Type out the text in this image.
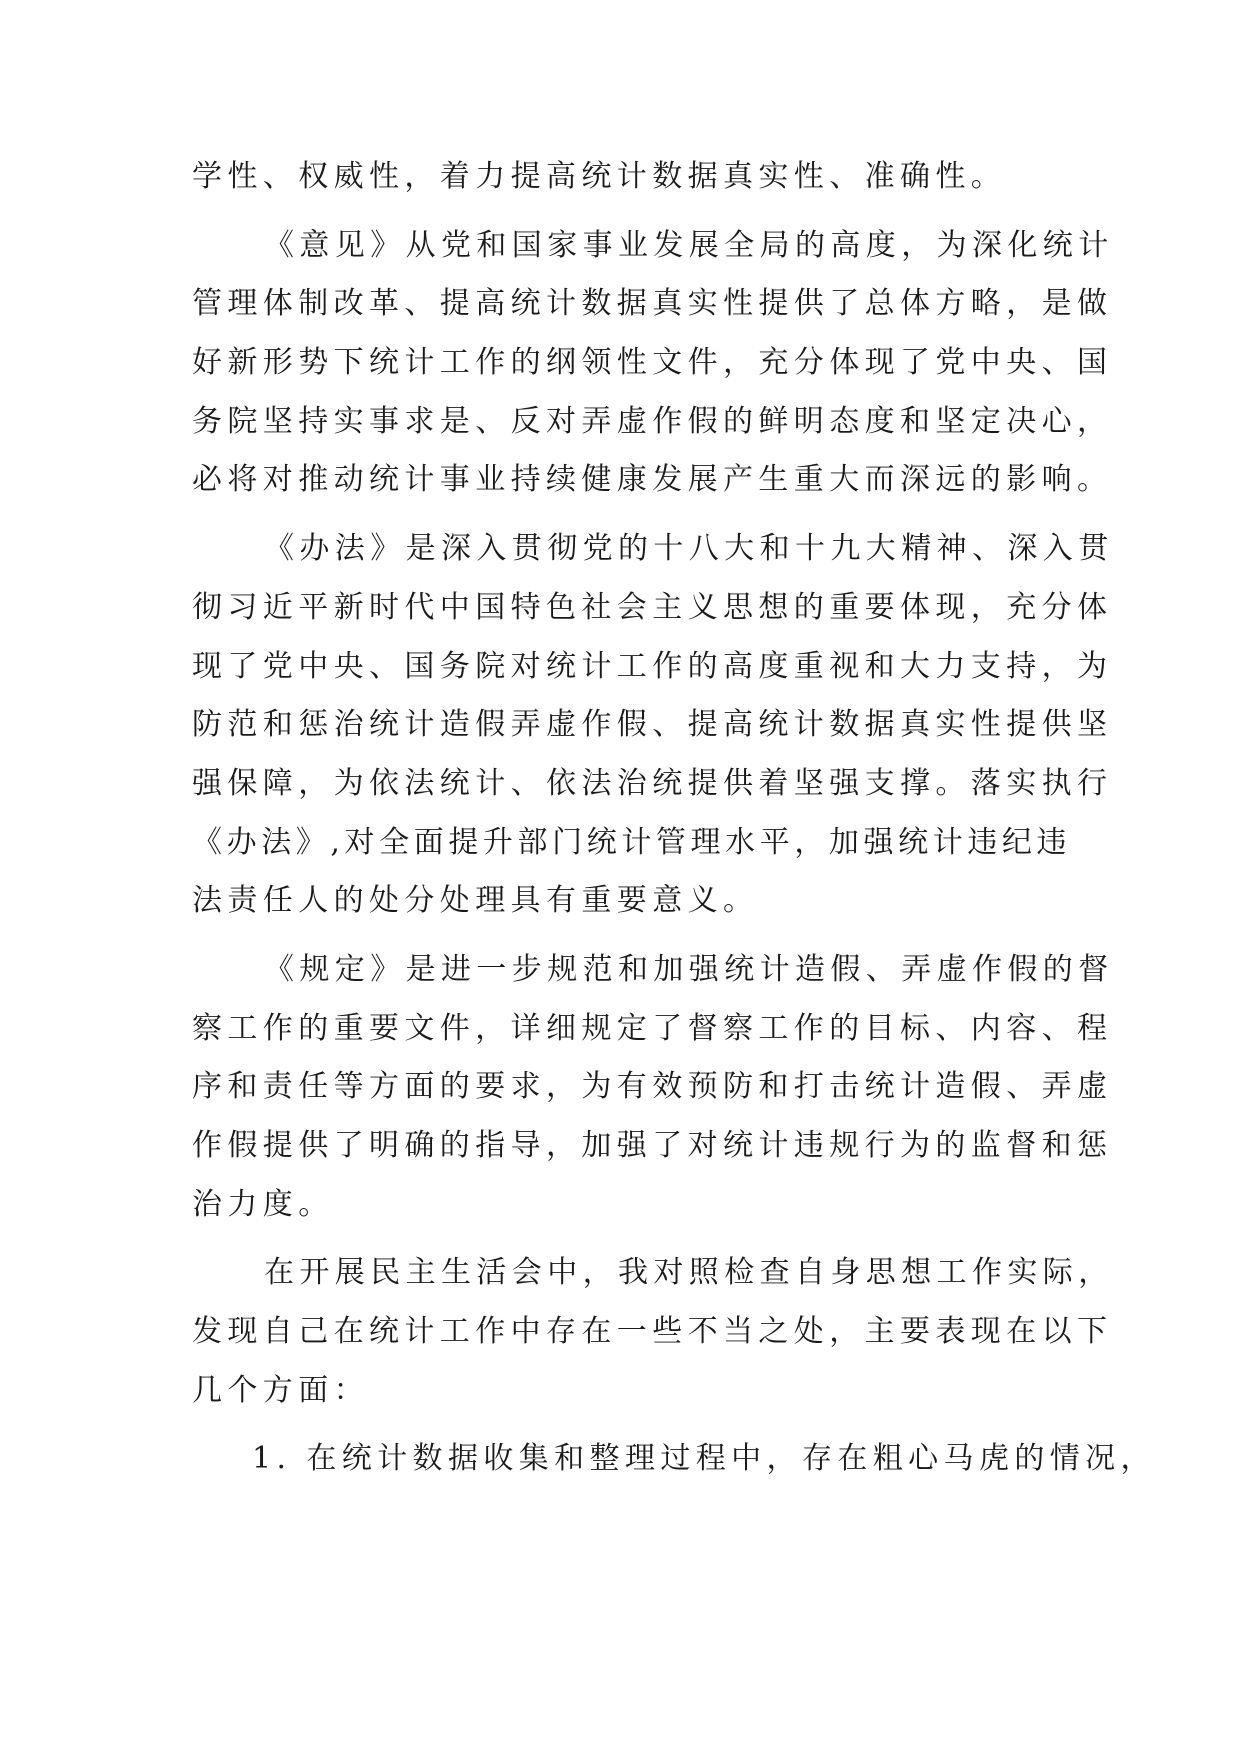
学性、权威性，着力提高统计数据真实性、准确性。
《意见》从党和国家事业发展全局的高度，为深化统计
管理体制改革、提高统计数据真实性提供了总体方略，是做
好新形势下统计工作的纲领性文件，充分体现了党中央、国
务院坚持实事求是、反对弄虚作假的鲜明态度和坚定决心，
必将对推动统计事业持续健康发展产生重大而深远的影响。
《办法》是深入贯彻党的十八大和十九大精神、深入贯
彻习近平新时代中国特色社会主义思想的重要体现，充分体
现了党中央、国务院对统计工作的高度重视和大力支持，为
防范和惩治统计造假弄虚作假、提高统计数据真实性提供坚
强保障，为依法统计、依法治统提供着坚强支撑。落实执行
《办法》,对全面提升部门统计管理水平，加强统计违纪违
法责任人的处分处理具有重要意义。
《规定》是进一步规范和加强统计造假、弄虚作假的督
察工作的重要文件，详细规定了督察工作的目标、内容、程
序和责任等方面的要求，为有效预防和打击统计造假、弄虚
作假提供了明确的指导，加强了对统计违规行为的监督和惩
治力度。
在开展民主生活会中，我对照检查自身思想工作实际，
发现自己在统计工作中存在一些不当之处，主要表现在以下
几个方面：
1. 在统计数据收集和整理过程中，存在粗心马虎的情况，
